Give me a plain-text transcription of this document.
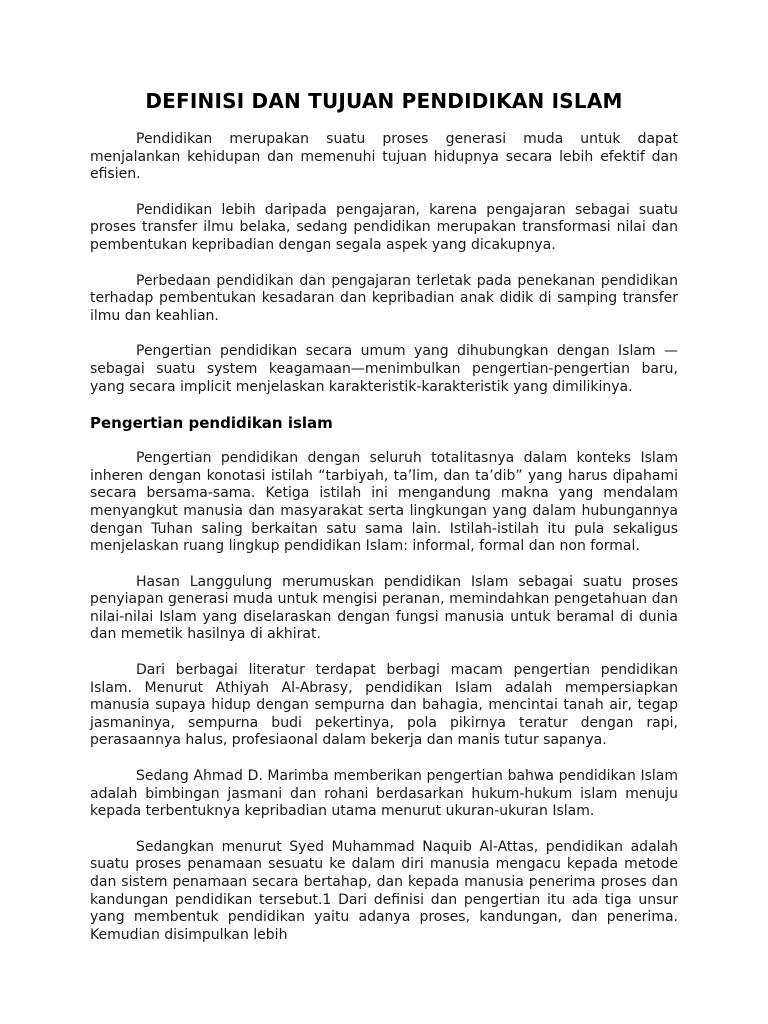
DEFINISI DAN TUJUAN PENDIDIKAN ISLAM

Pendidikan merupakan suatu proses generasi muda untuk dapat menjalankan kehidupan dan memenuhi tujuan hidupnya secara lebih efektif dan efisien.

Pendidikan lebih daripada pengajaran, karena pengajaran sebagai suatu proses transfer ilmu belaka, sedang pendidikan merupakan transformasi nilai dan pembentukan kepribadian dengan segala aspek yang dicakupnya.

Perbedaan pendidikan dan pengajaran terletak pada penekanan pendidikan terhadap pembentukan kesadaran dan kepribadian anak didik di samping transfer ilmu dan keahlian.

Pengertian pendidikan secara umum yang dihubungkan dengan Islam —sebagai suatu system keagamaan—menimbulkan pengertian-pengertian baru, yang secara implicit menjelaskan karakteristik-karakteristik yang dimilikinya.

Pengertian pendidikan islam

Pengertian pendidikan dengan seluruh totalitasnya dalam konteks Islam inheren dengan konotasi istilah “tarbiyah, ta’lim, dan ta’dib” yang harus dipahami secara bersama-sama. Ketiga istilah ini mengandung makna yang mendalam menyangkut manusia dan masyarakat serta lingkungan yang dalam hubungannya dengan Tuhan saling berkaitan satu sama lain. Istilah-istilah itu pula sekaligus menjelaskan ruang lingkup pendidikan Islam: informal, formal dan non formal.

Hasan Langgulung merumuskan pendidikan Islam sebagai suatu proses penyiapan generasi muda untuk mengisi peranan, memindahkan pengetahuan dan nilai-nilai Islam yang diselaraskan dengan fungsi manusia untuk beramal di dunia dan memetik hasilnya di akhirat.

Dari berbagai literatur terdapat berbagi macam pengertian pendidikan Islam. Menurut Athiyah Al-Abrasy, pendidikan Islam adalah mempersiapkan manusia supaya hidup dengan sempurna dan bahagia, mencintai tanah air, tegap jasmaninya, sempurna budi pekertinya, pola pikirnya teratur dengan rapi, perasaannya halus, profesiaonal dalam bekerja dan manis tutur sapanya.

Sedang Ahmad D. Marimba memberikan pengertian bahwa pendidikan Islam adalah bimbingan jasmani dan rohani berdasarkan hukum-hukum islam menuju kepada terbentuknya kepribadian utama menurut ukuran-ukuran Islam.

Sedangkan menurut Syed Muhammad Naquib Al-Attas, pendidikan adalah suatu proses penamaan sesuatu ke dalam diri manusia mengacu kepada metode dan sistem penamaan secara bertahap, dan kepada manusia penerima proses dan kandungan pendidikan tersebut.1 Dari definisi dan pengertian itu ada tiga unsur yang membentuk pendidikan yaitu adanya proses, kandungan, dan penerima. Kemudian disimpulkan lebih
